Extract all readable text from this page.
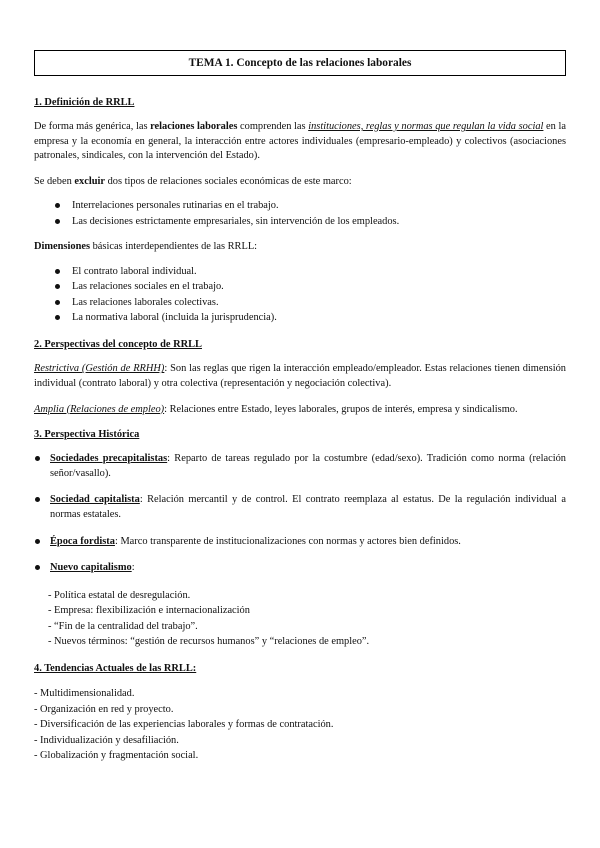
TEMA 1. Concepto de las relaciones laborales

1. Definición de RRLL

De forma más genérica, las relaciones laborales comprenden las instituciones, reglas y normas que regulan la vida social en la empresa y la economía en general, la interacción entre actores individuales (empresario-empleado) y colectivos (asociaciones patronales, sindicales, con la intervención del Estado).

Se deben excluir dos tipos de relaciones sociales económicas de este marco:

Interrelaciones personales rutinarias en el trabajo.
Las decisiones estrictamente empresariales, sin intervención de los empleados.

Dimensiones básicas interdependientes de las RRLL:

El contrato laboral individual.
Las relaciones sociales en el trabajo.
Las relaciones laborales colectivas.
La normativa laboral (incluida la jurisprudencia).

2. Perspectivas del concepto de RRLL

Restrictiva (Gestión de RRHH): Son las reglas que rigen la interacción empleado/empleador. Estas relaciones tienen dimensión individual (contrato laboral) y otra colectiva (representación y negociación colectiva).

Amplia (Relaciones de empleo): Relaciones entre Estado, leyes laborales, grupos de interés, empresa y sindicalismo.

3. Perspectiva Histórica

Sociedades precapitalistas: Reparto de tareas regulado por la costumbre (edad/sexo). Tradición como norma (relación señor/vasallo).
Sociedad capitalista: Relación mercantil y de control. El contrato reemplaza al estatus. De la regulación individual a normas estatales.
Época fordista: Marco transparente de institucionalizaciones con normas y actores bien definidos.
Nuevo capitalismo:
- Política estatal de desregulación.
- Empresa: flexibilización e internacionalización
- “Fin de la centralidad del trabajo”.
- Nuevos términos: “gestión de recursos humanos” y “relaciones de empleo”.

4. Tendencias Actuales de las RRLL:

- Multidimensionalidad.
- Organización en red y proyecto.
- Diversificación de las experiencias laborales y formas de contratación.
- Individualización y desafiliación.
- Globalización y fragmentación social.
